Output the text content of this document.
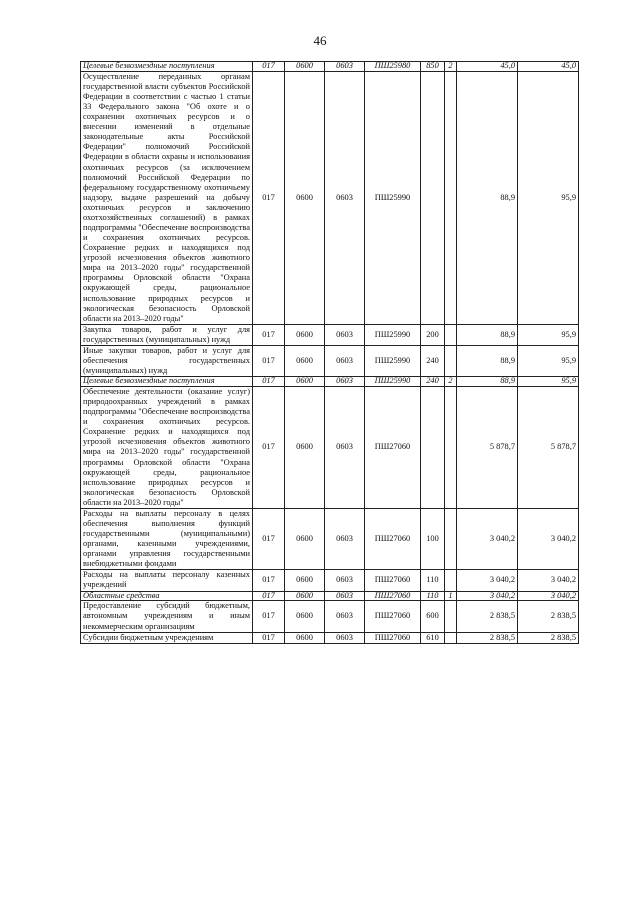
46
Целевые безвозмездные поступления	017	0600	0603	ПШ25980	850	2	45,0	45,0
Осуществление переданных органам государственной власти субъектов Российской Федерации в соответствии с частью 1 статьи 33 Федерального закона "Об охоте и о сохранении охотничьих ресурсов и о внесении изменений в отдельные законодательные акты Российской Федерации" полномочий Российской Федерации в области охраны и использования охотничьих ресурсов (за исключением полномочий Российской Федерации по федеральному государственному охотничьему надзору, выдаче разрешений на добычу охотничьих ресурсов и заключению охотхозяйственных соглашений) в рамках подпрограммы "Обеспечение воспроизводства и сохранения охотничьих ресурсов. Сохранение редких и находящихся под угрозой исчезновения объектов животного мира на 2013–2020 годы" государственной программы Орловской области "Охрана окружающей среды, рациональное использование природных ресурсов и экологическая безопасность Орловской области на 2013–2020 годы"	017	0600	0603	ПШ25990			88,9	95,9
Закупка товаров, работ и услуг для государственных (муниципальных) нужд	017	0600	0603	ПШ25990	200		88,9	95,9
Иные закупки товаров, работ и услуг для обеспечения государственных (муниципальных) нужд	017	0600	0603	ПШ25990	240		88,9	95,9
Целевые безвозмездные поступления	017	0600	0603	ПШ25990	240	2	88,9	95,9
Обеспечение деятельности (оказание услуг) природоохранных учреждений в рамках подпрограммы "Обеспечение воспроизводства и сохранения охотничьих ресурсов. Сохранение редких и находящихся под угрозой исчезновения объектов животного мира на 2013–2020 годы" государственной программы Орловской области "Охрана окружающей среды, рациональное использование природных ресурсов и экологическая безопасность Орловской области на 2013–2020 годы"	017	0600	0603	ПШ27060			5 878,7	5 878,7
Расходы на выплаты персоналу в целях обеспечения выполнения функций государственными (муниципальными) органами, казенными учреждениями, органами управления государственными внебюджетными фондами	017	0600	0603	ПШ27060	100		3 040,2	3 040,2
Расходы на выплаты персоналу казенных учреждений	017	0600	0603	ПШ27060	110		3 040,2	3 040,2
Областные средства	017	0600	0603	ПШ27060	110	1	3 040,2	3 040,2
Предоставление субсидий бюджетным, автономным учреждениям и иным некоммерческим организациям	017	0600	0603	ПШ27060	600		2 838,5	2 838,5
Субсидии бюджетным учреждениям	017	0600	0603	ПШ27060	610		2 838,5	2 838,5
